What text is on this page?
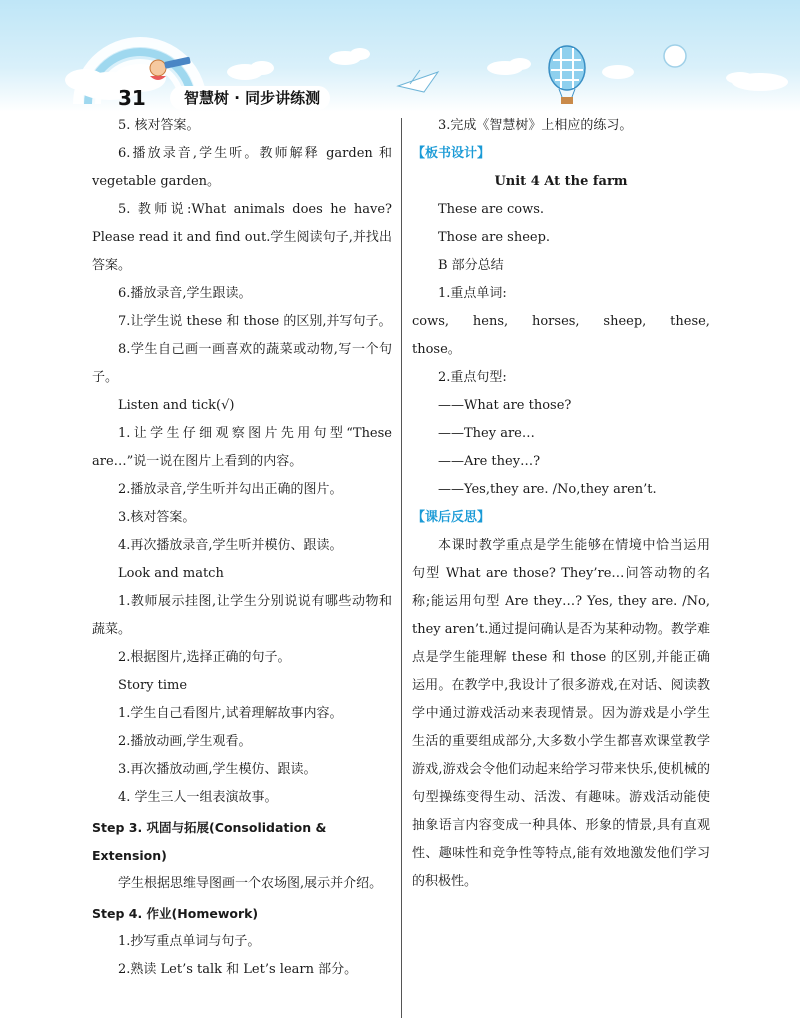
31	智慧树 · 同步讲练测

5. 核对答案。

6.播放录音,学生听。教师解释 garden 和 vegetable garden。

5. 教师说:What animals does he have? Please read it and find out.学生阅读句子,并找出答案。

6.播放录音,学生跟读。

7.让学生说 these 和 those 的区别,并写句子。

8.学生自己画一画喜欢的蔬菜或动物,写一个句子。

Listen and tick(√)

1.让学生仔细观察图片先用句型“These are…”说一说在图片上看到的内容。

2.播放录音,学生听并勾出正确的图片。

3.核对答案。

4.再次播放录音,学生听并模仿、跟读。

Look and match

1.教师展示挂图,让学生分别说说有哪些动物和蔬菜。

2.根据图片,选择正确的句子。

Story time

1.学生自己看图片,试着理解故事内容。

2.播放动画,学生观看。

3.再次播放动画,学生模仿、跟读。

4. 学生三人一组表演故事。

Step 3. 巩固与拓展(Consolidation & Extension)

学生根据思维导图画一个农场图,展示并介绍。

Step 4. 作业(Homework)

1.抄写重点单词与句子。

2.熟读 Let’s talk 和 Let’s learn 部分。

3.完成《智慧树》上相应的练习。

【板书设计】

Unit 4 At the farm

These are cows.

Those are sheep.

B 部分总结

1.重点单词:

cows, hens, horses, sheep, these,

those。

2.重点句型:

——What are those?

——They are…

——Are they…?

——Yes,they are. /No,they aren’t.

【课后反思】

本课时教学重点是学生能够在情境中恰当运用句型 What are those? They’re…问答动物的名称;能运用句型 Are they…? Yes, they are. /No, they aren’t.通过提问确认是否为某种动物。教学难点是学生能理解 these 和 those 的区别,并能正确运用。在教学中,我设计了很多游戏,在对话、阅读教学中通过游戏活动来表现情景。因为游戏是小学生生活的重要组成部分,大多数小学生都喜欢课堂教学游戏,游戏会令他们动起来给学习带来快乐,使机械的句型操练变得生动、活泼、有趣味。游戏活动能使抽象语言内容变成一种具体、形象的情景,具有直观性、趣味性和竞争性等特点,能有效地激发他们学习的积极性。
